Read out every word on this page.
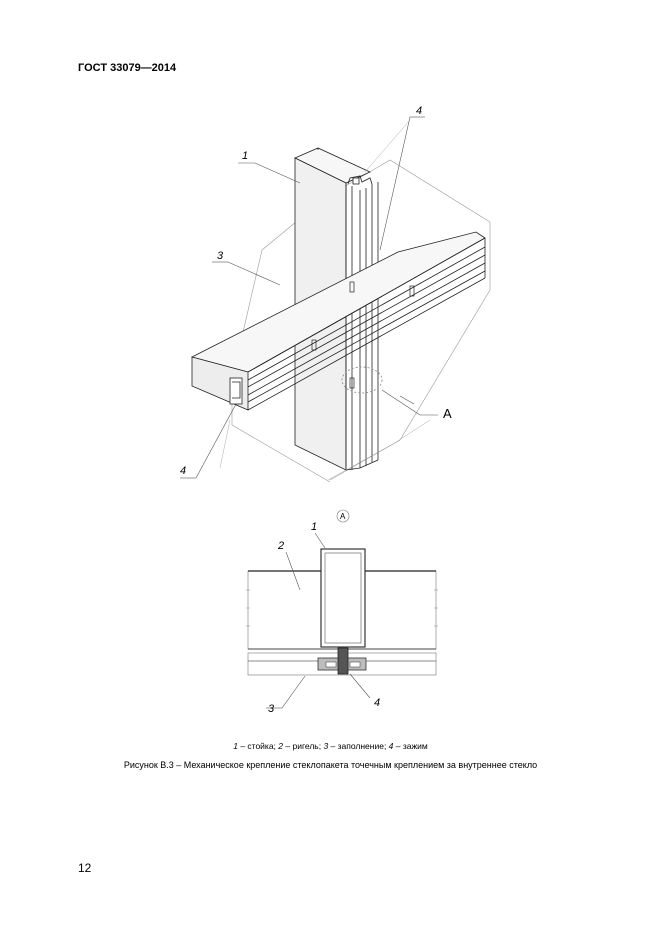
ГОСТ 33079—2014
1
4
3
4
A
A
1
2
3	4
1 – стойка; 2 – ригель; 3 – заполнение; 4 – зажим
Рисунок В.3 – Механическое крепление стеклопакета точечным креплением за внутреннее стекло
12
